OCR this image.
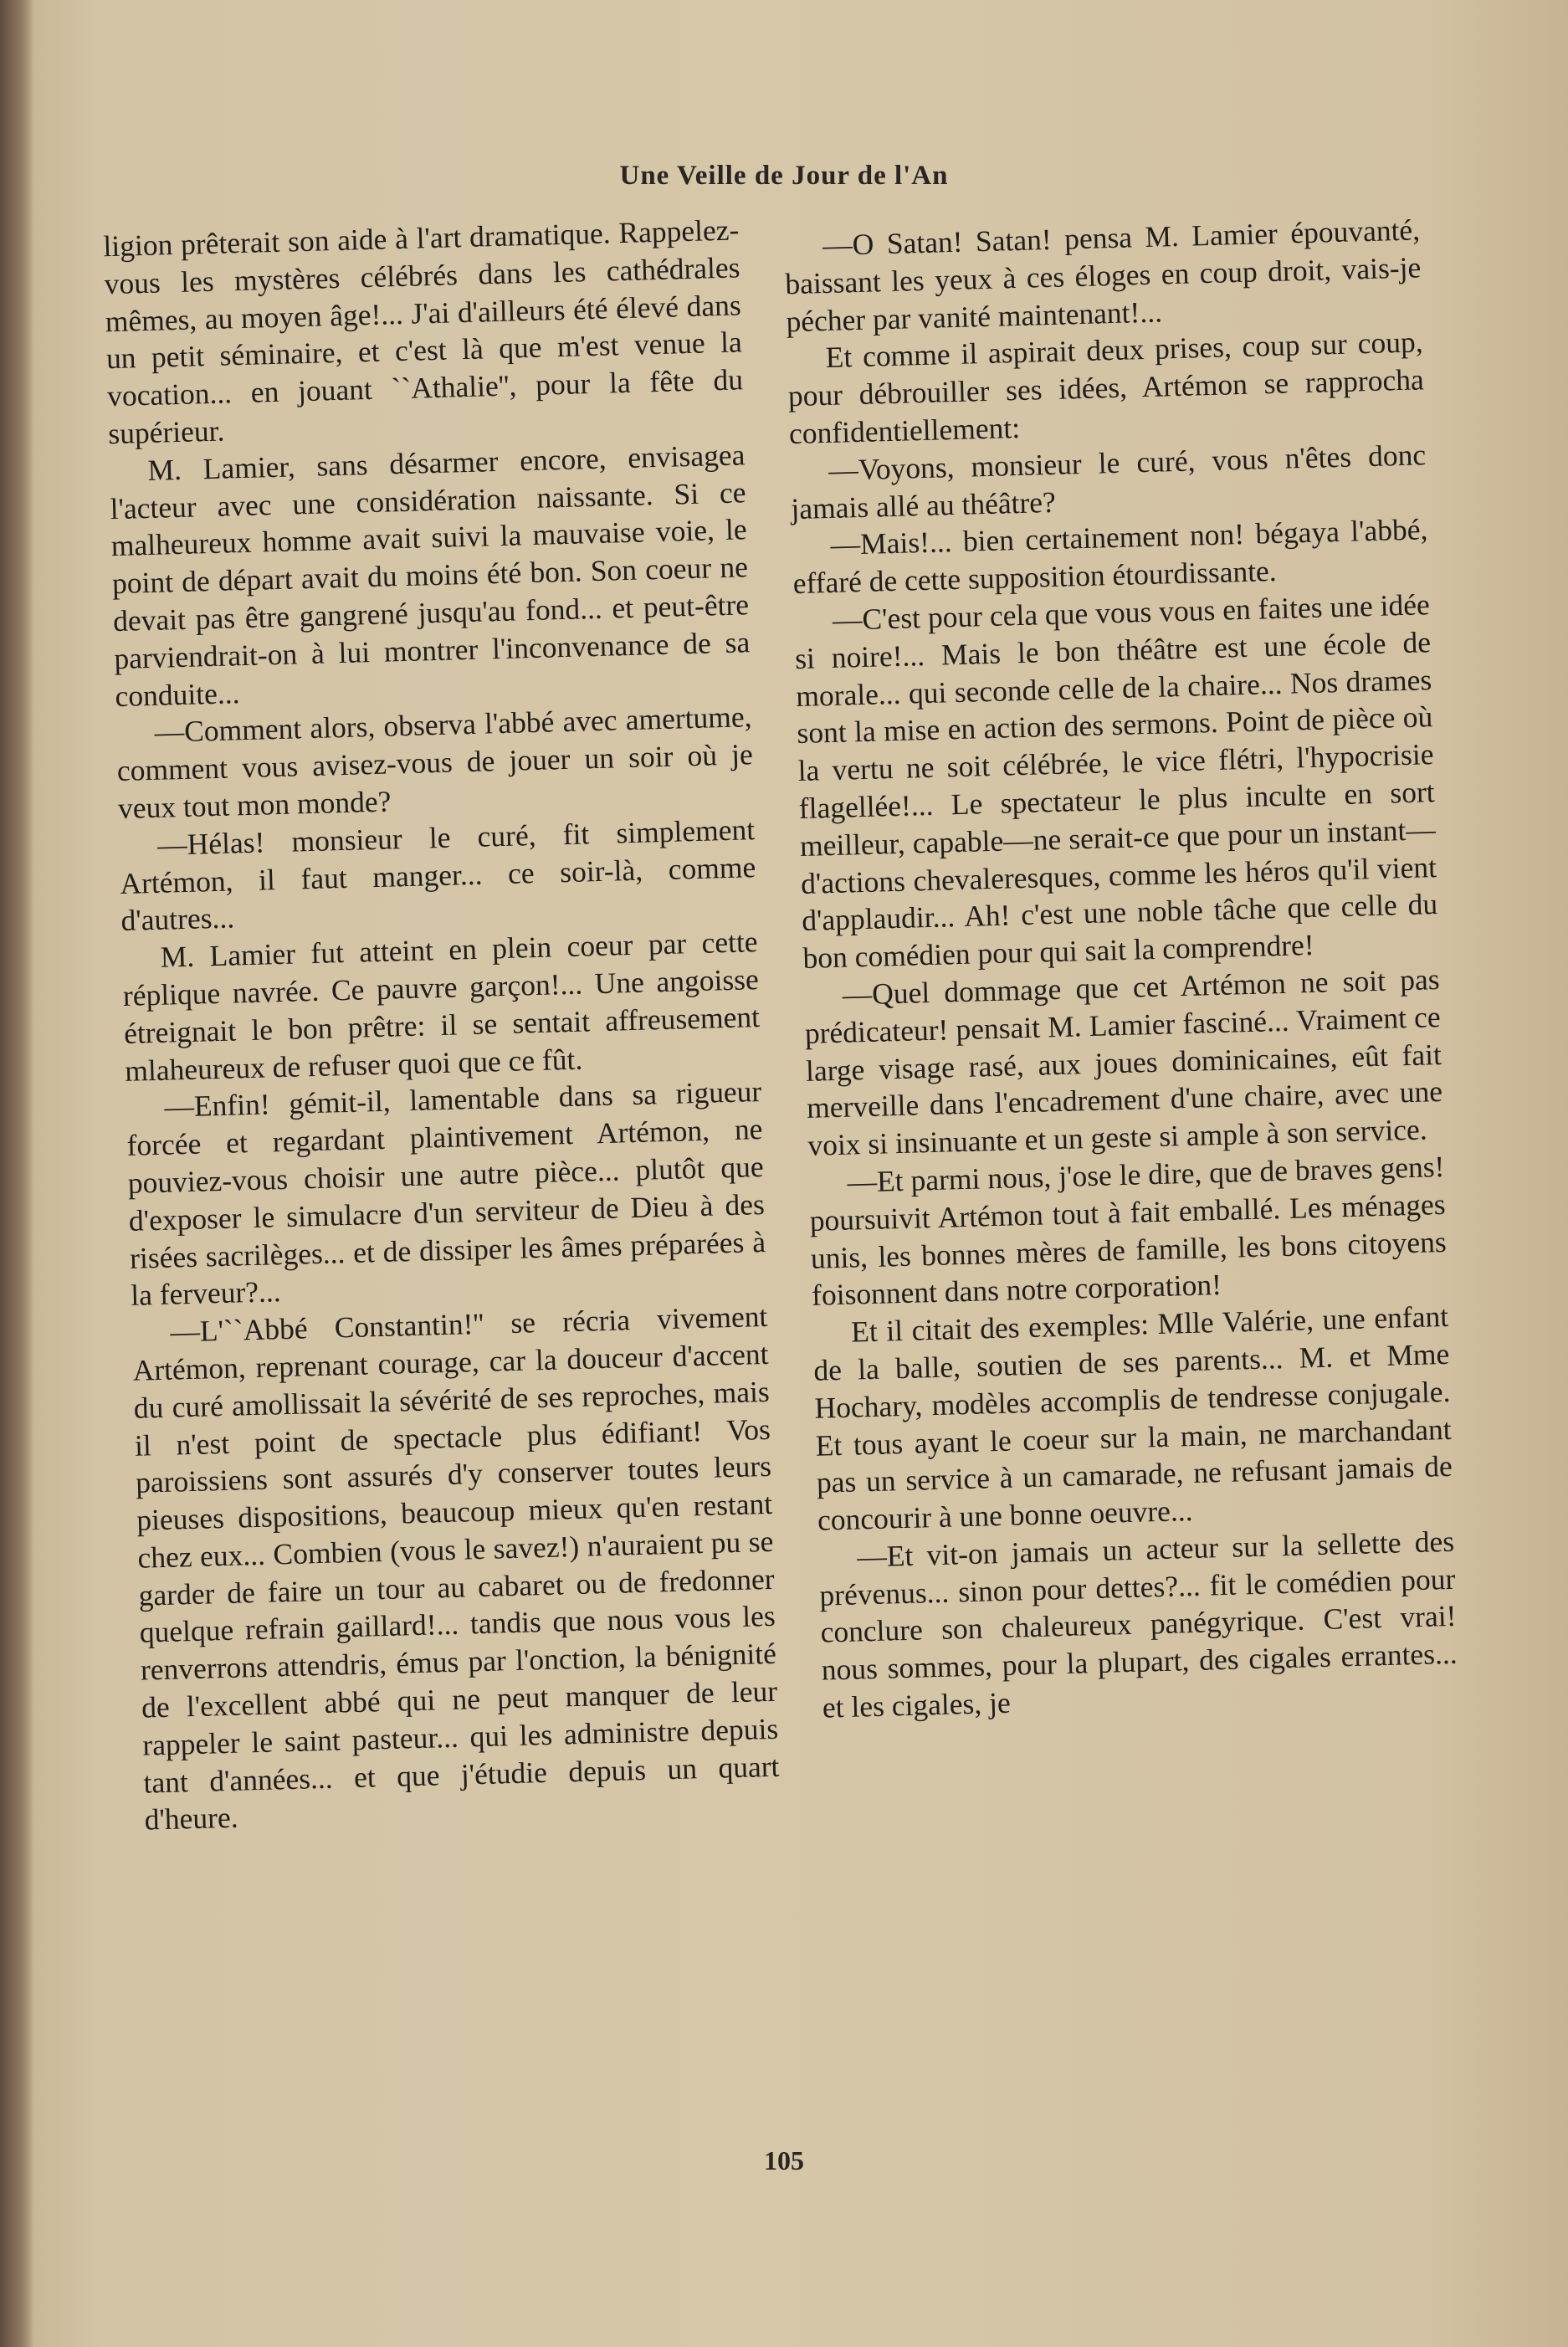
Une Veille de Jour de l'An

ligion prêterait son aide à l'art dramatique. Rappelez-vous les mystères célébrés dans les cathédrales mêmes, au moyen âge!... J'ai d'ailleurs été élevé dans un petit séminaire, et c'est là que m'est venue la vocation... en jouant ``Athalie'', pour la fête du supérieur.

M. Lamier, sans désarmer encore, envisagea l'acteur avec une considération naissante. Si ce malheureux homme avait suivi la mauvaise voie, le point de départ avait du moins été bon. Son coeur ne devait pas être gangrené jusqu'au fond... et peut-être parviendrait-on à lui montrer l'inconvenance de sa conduite...

—Comment alors, observa l'abbé avec amertume, comment vous avisez-vous de jouer un soir où je veux tout mon monde?

—Hélas! monsieur le curé, fit simplement Artémon, il faut manger... ce soir-là, comme d'autres...

M. Lamier fut atteint en plein coeur par cette réplique navrée. Ce pauvre garçon!... Une angoisse étreignait le bon prêtre: il se sentait affreusement mlaheureux de refuser quoi que ce fût.

—Enfin! gémit-il, lamentable dans sa rigueur forcée et regardant plaintivement Artémon, ne pouviez-vous choisir une autre pièce... plutôt que d'exposer le simulacre d'un serviteur de Dieu à des risées sacrilèges... et de dissiper les âmes préparées à la ferveur?...

—L'``Abbé Constantin!'' se récria vivement Artémon, reprenant courage, car la douceur d'accent du curé amollissait la sévérité de ses reproches, mais il n'est point de spectacle plus édifiant! Vos paroissiens sont assurés d'y conserver toutes leurs pieuses dispositions, beaucoup mieux qu'en restant chez eux... Combien (vous le savez!) n'auraient pu se garder de faire un tour au cabaret ou de fredonner quelque refrain gaillard!... tandis que nous vous les renverrons attendris, émus par l'onction, la bénignité de l'excellent abbé qui ne peut manquer de leur rappeler le saint pasteur... qui les administre depuis tant d'années... et que j'étudie depuis un quart d'heure.

—O Satan! Satan! pensa M. Lamier épouvanté, baissant les yeux à ces éloges en coup droit, vais-je pécher par vanité maintenant!...

Et comme il aspirait deux prises, coup sur coup, pour débrouiller ses idées, Artémon se rapprocha confidentiellement:

—Voyons, monsieur le curé, vous n'êtes donc jamais allé au théâtre?

—Mais!... bien certainement non! bégaya l'abbé, effaré de cette supposition étourdissante.

—C'est pour cela que vous vous en faites une idée si noire!... Mais le bon théâtre est une école de morale... qui seconde celle de la chaire... Nos drames sont la mise en action des sermons. Point de pièce où la vertu ne soit célébrée, le vice flétri, l'hypocrisie flagellée!... Le spectateur le plus inculte en sort meilleur, capable—ne serait-ce que pour un instant—d'actions chevaleresques, comme les héros qu'il vient d'applaudir... Ah! c'est une noble tâche que celle du bon comédien pour qui sait la comprendre!

—Quel dommage que cet Artémon ne soit pas prédicateur! pensait M. Lamier fasciné... Vraiment ce large visage rasé, aux joues dominicaines, eût fait merveille dans l'encadrement d'une chaire, avec une voix si insinuante et un geste si ample à son service.

—Et parmi nous, j'ose le dire, que de braves gens! poursuivit Artémon tout à fait emballé. Les ménages unis, les bonnes mères de famille, les bons citoyens foisonnent dans notre corporation!

Et il citait des exemples: Mlle Valérie, une enfant de la balle, soutien de ses parents... M. et Mme Hochary, modèles accomplis de tendresse conjugale. Et tous ayant le coeur sur la main, ne marchandant pas un service à un camarade, ne refusant jamais de concourir à une bonne oeuvre...

—Et vit-on jamais un acteur sur la sellette des prévenus... sinon pour dettes?... fit le comédien pour conclure son chaleureux panégyrique. C'est vrai! nous sommes, pour la plupart, des cigales errantes... et les cigales, je

105
